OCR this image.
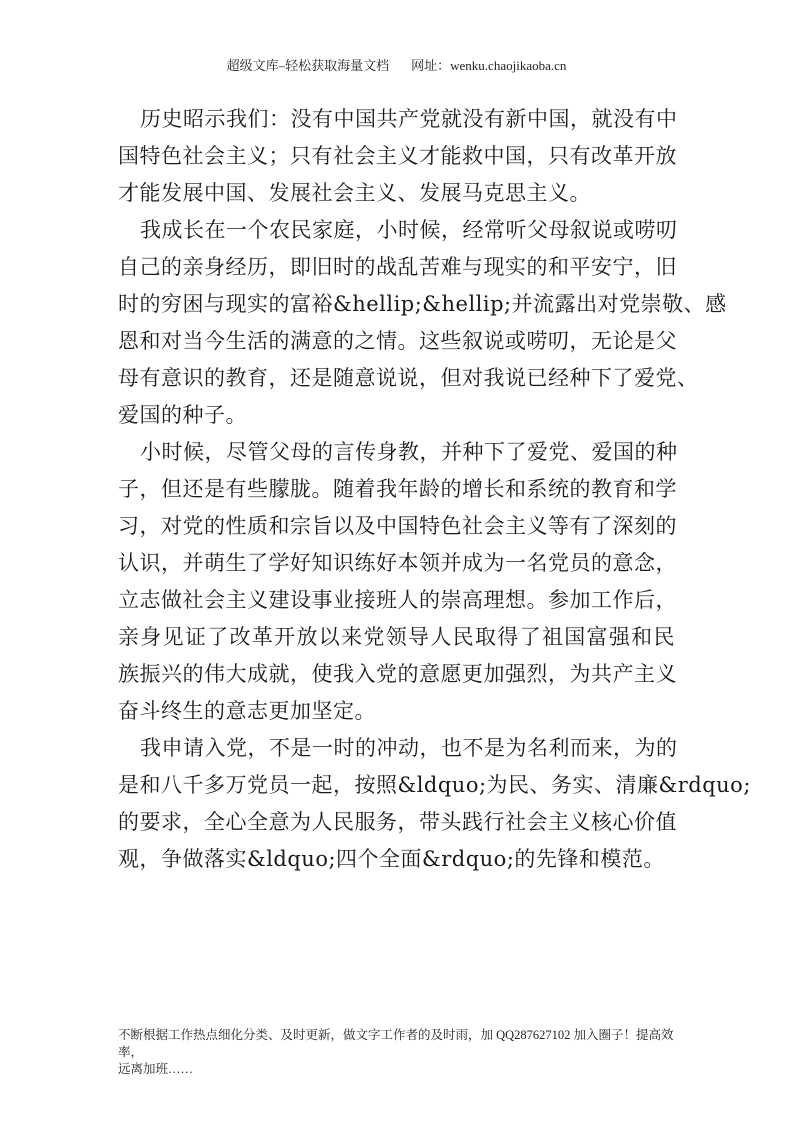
超级文库–轻松获取海量文档 网址：wenku.chaojikaoba.cn
历史昭示我们：没有中国共产党就没有新中国，就没有中
国特色社会主义；只有社会主义才能救中国，只有改革开放
才能发展中国、发展社会主义、发展马克思主义。
我成长在一个农民家庭，小时候，经常听父母叙说或唠叨
自己的亲身经历，即旧时的战乱苦难与现实的和平安宁，旧
时的穷困与现实的富裕&hellip;&hellip;并流露出对党崇敬、感
恩和对当今生活的满意的之情。这些叙说或唠叨，无论是父
母有意识的教育，还是随意说说，但对我说已经种下了爱党、
爱国的种子。
小时候，尽管父母的言传身教，并种下了爱党、爱国的种
子，但还是有些朦胧。随着我年龄的增长和系统的教育和学
习，对党的性质和宗旨以及中国特色社会主义等有了深刻的
认识，并萌生了学好知识练好本领并成为一名党员的意念，
立志做社会主义建设事业接班人的崇高理想。参加工作后，
亲身见证了改革开放以来党领导人民取得了祖国富强和民
族振兴的伟大成就，使我入党的意愿更加强烈，为共产主义
奋斗终生的意志更加坚定。
我申请入党，不是一时的冲动，也不是为名利而来，为的
是和八千多万党员一起，按照&ldquo;为民、务实、清廉&rdquo;
的要求，全心全意为人民服务，带头践行社会主义核心价值
观，争做落实&ldquo;四个全面&rdquo;的先锋和模范。
不断根据工作热点细化分类、及时更新，做文字工作者的及时雨，加 QQ287627102 加入圈子！提高效率，
远离加班……
